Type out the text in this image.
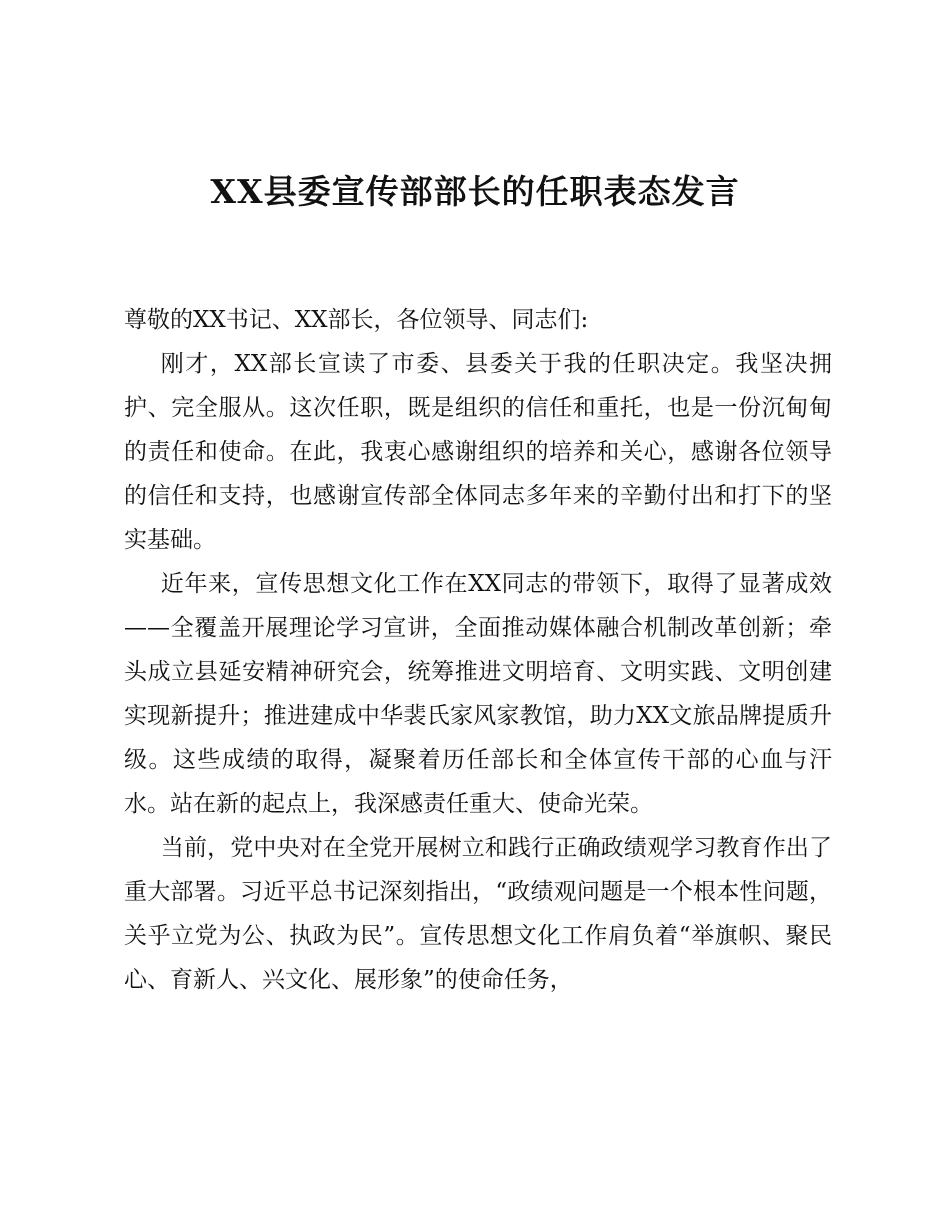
XX县委宣传部部长的任职表态发言

尊敬的XX书记、XX部长，各位领导、同志们:

刚才，XX部长宣读了市委、县委关于我的任职决定。我坚决拥护、完全服从。这次任职，既是组织的信任和重托，也是一份沉甸甸的责任和使命。在此，我衷心感谢组织的培养和关心，感谢各位领导的信任和支持，也感谢宣传部全体同志多年来的辛勤付出和打下的坚实基础。

近年来，宣传思想文化工作在XX同志的带领下，取得了显著成效——全覆盖开展理论学习宣讲，全面推动媒体融合机制改革创新；牵头成立县延安精神研究会，统筹推进文明培育、文明实践、文明创建实现新提升；推进建成中华裴氏家风家教馆，助力XX文旅品牌提质升级。这些成绩的取得，凝聚着历任部长和全体宣传干部的心血与汗水。站在新的起点上，我深感责任重大、使命光荣。

当前，党中央对在全党开展树立和践行正确政绩观学习教育作出了重大部署。习近平总书记深刻指出，“政绩观问题是一个根本性问题，关乎立党为公、执政为民”。宣传思想文化工作肩负着“举旗帜、聚民心、育新人、兴文化、展形象”的使命任务，
